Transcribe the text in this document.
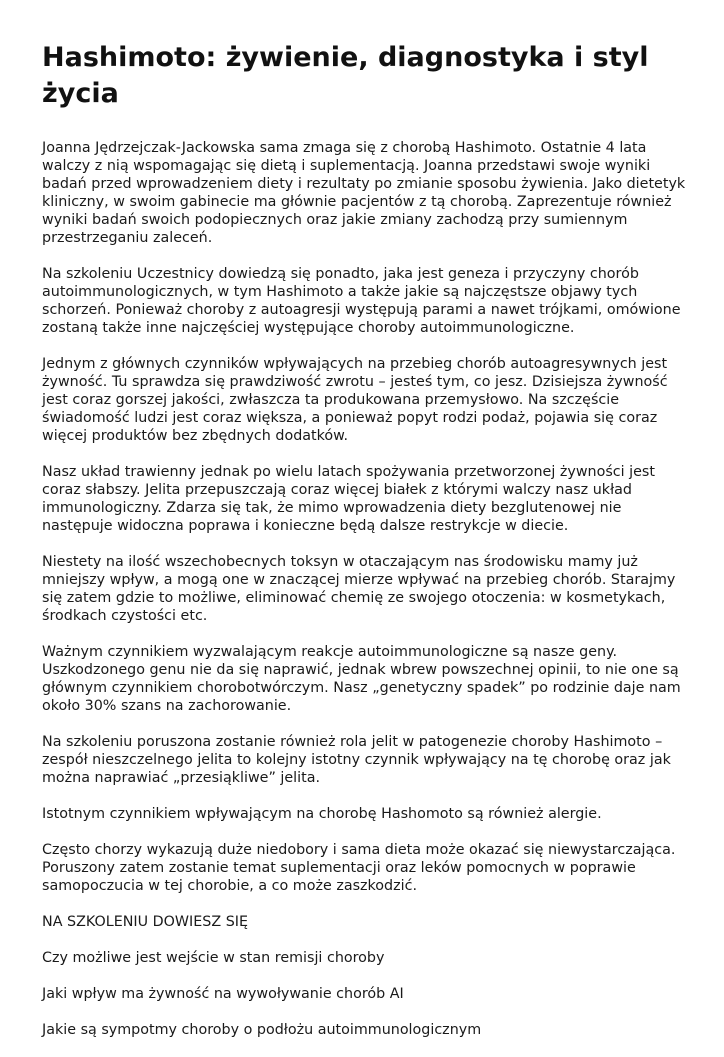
Hashimoto: żywienie, diagnostyka i styl życia

Joanna Jędrzejczak-Jackowska sama zmaga się z chorobą Hashimoto. Ostatnie 4 lata walczy z nią wspomagając się dietą i suplementacją. Joanna przedstawi swoje wyniki badań przed wprowadzeniem diety i rezultaty po zmianie sposobu żywienia. Jako dietetyk kliniczny, w swoim gabinecie ma głównie pacjentów z tą chorobą. Zaprezentuje również wyniki badań swoich podopiecznych oraz jakie zmiany zachodzą przy sumiennym przestrzeganiu zaleceń.

Na szkoleniu Uczestnicy dowiedzą się ponadto, jaka jest geneza i przyczyny chorób autoimmunologicznych, w tym Hashimoto a także jakie są najczęstsze objawy tych schorzeń. Ponieważ choroby z autoagresji występują parami a nawet trójkami, omówione zostaną także inne najczęściej występujące choroby autoimmunologiczne.

Jednym z głównych czynników wpływających na przebieg chorób autoagresywnych jest żywność. Tu sprawdza się prawdziwość zwrotu – jesteś tym, co jesz. Dzisiejsza żywność jest coraz gorszej jakości, zwłaszcza ta produkowana przemysłowo. Na szczęście świadomość ludzi jest coraz większa, a ponieważ popyt rodzi podaż, pojawia się coraz więcej produktów bez zbędnych dodatków.

Nasz układ trawienny jednak po wielu latach spożywania przetworzonej żywności jest coraz słabszy. Jelita przepuszczają coraz więcej białek z którymi walczy nasz układ immunologiczny. Zdarza się tak, że mimo wprowadzenia diety bezglutenowej nie następuje widoczna poprawa i konieczne będą dalsze restrykcje w diecie.

Niestety na ilość wszechobecnych toksyn w otaczającym nas środowisku mamy już mniejszy wpływ, a mogą one w znaczącej mierze wpływać na przebieg chorób. Starajmy się zatem gdzie to możliwe, eliminować chemię ze swojego otoczenia: w kosmetykach, środkach czystości etc.

Ważnym czynnikiem wyzwalającym reakcje autoimmunologiczne są nasze geny. Uszkodzonego genu nie da się naprawić, jednak wbrew powszechnej opinii, to nie one są głównym czynnikiem chorobotwórczym. Nasz „genetyczny spadek” po rodzinie daje nam około 30% szans na zachorowanie.

Na szkoleniu poruszona zostanie również rola jelit w patogenezie choroby Hashimoto – zespół nieszczelnego jelita to kolejny istotny czynnik wpływający na tę chorobę oraz jak można naprawiać „przesiąkliwe” jelita.

Istotnym czynnikiem wpływającym na chorobę Hashomoto są również alergie.

Często chorzy wykazują duże niedobory i sama dieta może okazać się niewystarczająca. Poruszony zatem zostanie temat suplementacji oraz leków pomocnych w poprawie samopoczucia w tej chorobie, a co może zaszkodzić.

NA SZKOLENIU DOWIESZ SIĘ

Czy możliwe jest wejście w stan remisji choroby

Jaki wpływ ma żywność na wywoływanie chorób AI

Jakie są sympotmy choroby o podłożu autoimmunologicznym
